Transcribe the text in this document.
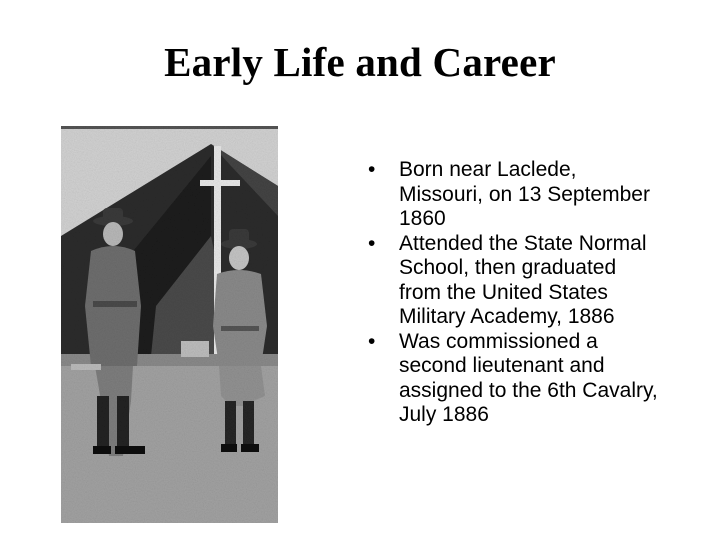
Early Life and Career
• Born near Laclede, Missouri, on 13 September 1860
• Attended the State Normal School, then graduated from the United States Military Academy, 1886
• Was commissioned a second lieutenant and assigned to the 6th Cavalry, July 1886
